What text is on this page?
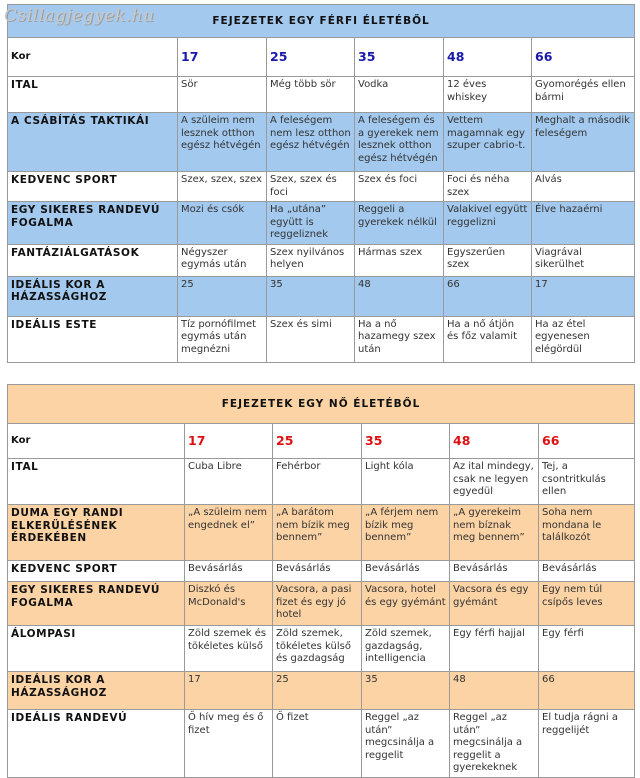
Csillagjegyek.hu	FEJEZETEK EGY FÉRFI ÉLETÉBŐL					
Kor	17	25	35	48	66
ITAL	Sör	Még több sör	Vodka	12 éves whiskey	Gyomorégés ellen bármi
A CSÁBÍTÁS TAKTIKÁI	A szüleim nem lesznek otthon egész hétvégén	A feleségem nem lesz otthon egész hétvégén	A feleségem és a gyerekek nem lesznek otthon egész hétvégén	Vettem magamnak egy szuper cabrio-t.	Meghalt a második feleségem
KEDVENC SPORT	Szex, szex, szex	Szex, szex és foci	Szex és foci	Foci és néha szex	Alvás
EGY SIKERES RANDEVÚ FOGALMA	Mozi és csók	Ha „utána” együtt is reggeliznek	Reggeli a gyerekek nélkül	Valakivel együtt reggelizni	Élve hazaérni
FANTÁZIÁLGATÁSOK	Négyszer egymás után	Szex nyilvános helyen	Hármas szex	Egyszerűen szex	Viagrával sikerülhet
IDEÁLIS KOR A HÁZASSÁGHOZ	25	35	48	66	17
IDEÁLIS ESTE	Tíz pornófilmet egymás után megnézni	Szex és simi	Ha a nő hazamegy szex után	Ha a nő átjön és főz valamit	Ha az étel egyenesen elégördül
FEJEZETEK EGY NŐ ÉLETÉBŐL					
Kor	17	25	35	48	66
ITAL	Cuba Libre	Fehérbor	Light kóla	Az ital mindegy, csak ne legyen egyedül	Tej, a csontritkulás ellen
DUMA EGY RANDI ELKERÜLÉSÉNEK ÉRDEKÉBEN	„A szüleim nem engednek el”	„A barátom nem bízik meg bennem”	„A férjem nem bízik meg bennem”	„A gyerekeim nem bíznak meg bennem”	Soha nem mondana le találkozót
KEDVENC SPORT	Bevásárlás	Bevásárlás	Bevásárlás	Bevásárlás	Bevásárlás
EGY SIKERES RANDEVÚ FOGALMA	Diszkó és McDonald's	Vacsora, a pasi fizet és egy jó hotel	Vacsora, hotel és egy gyémánt	Vacsora és egy gyémánt	Egy nem túl csípős leves
ÁLOMPASI	Zöld szemek és tökéletes külső	Zöld szemek, tökéletes külső és gazdagság	Zöld szemek, gazdagság, intelligencia	Egy férfi hajjal	Egy férfi
IDEÁLIS KOR A HÁZASSÁGHOZ	17	25	35	48	66
IDEÁLIS RANDEVÚ	Ő hív meg és ő fizet	Ő fizet	Reggel „az után” megcsinálja a reggelit	Reggel „az után” megcsinálja a reggelit a gyerekeknek	El tudja rágni a reggelijét
